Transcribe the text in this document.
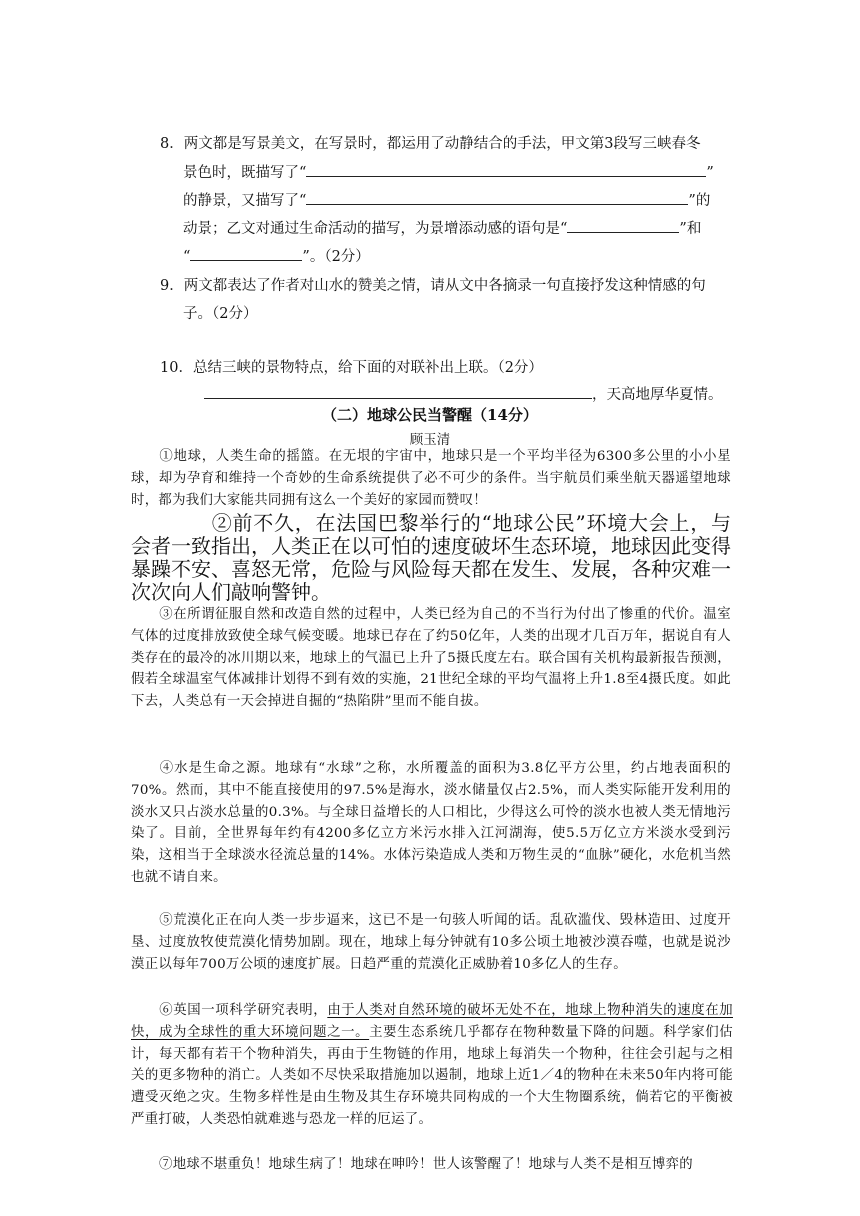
8．两文都是写景美文，在写景时，都运用了动静结合的手法，甲文第3段写三峡春冬
景色时，既描写了“	”
的静景，又描写了“	”的
动景；乙文对通过生命活动的描写，为景增添动感的语句是“	”和
“	”。（2分）
9．两文都表达了作者对山水的赞美之情，请从文中各摘录一句直接抒发这种情感的句
子。（2分）
10．总结三峡的景物特点，给下面的对联补出上联。（2分）
，天高地厚华夏情。
（二）地球公民当警醒（14分）
顾玉清
①地球，人类生命的摇篮。在无垠的宇宙中，地球只是一个平均半径为6300多公里的小小星球，却为孕育和维持一个奇妙的生命系统提供了必不可少的条件。当宇航员们乘坐航天器遥望地球时，都为我们大家能共同拥有这么一个美好的家园而赞叹！
②前不久，在法国巴黎举行的“地球公民”环境大会上，与会者一致指出，人类正在以可怕的速度破坏生态环境，地球因此变得暴躁不安、喜怒无常，危险与风险每天都在发生、发展，各种灾难一次次向人们敲响警钟。
③在所谓征服自然和改造自然的过程中，人类已经为自己的不当行为付出了惨重的代价。温室气体的过度排放致使全球气候变暖。地球已存在了约50亿年，人类的出现才几百万年，据说自有人类存在的最冷的冰川期以来，地球上的气温已上升了5摄氏度左右。联合国有关机构最新报告预测，假若全球温室气体减排计划得不到有效的实施，21世纪全球的平均气温将上升1.8至4摄氏度。如此下去，人类总有一天会掉进自掘的“热陷阱”里而不能自拔。
④水是生命之源。地球有“水球”之称，水所覆盖的面积为3.8亿平方公里，约占地表面积的70%。然而，其中不能直接使用的97.5%是海水，淡水储量仅占2.5%，而人类实际能开发利用的淡水又只占淡水总量的0.3%。与全球日益增长的人口相比，少得这么可怜的淡水也被人类无情地污染了。目前，全世界每年约有4200多亿立方米污水排入江河湖海，使5.5万亿立方米淡水受到污染，这相当于全球淡水径流总量的14%。水体污染造成人类和万物生灵的“血脉”硬化，水危机当然也就不请自来。
⑤荒漠化正在向人类一步步逼来，这已不是一句骇人听闻的话。乱砍滥伐、毁林造田、过度开垦、过度放牧使荒漠化情势加剧。现在，地球上每分钟就有10多公顷土地被沙漠吞噬，也就是说沙漠正以每年700万公顷的速度扩展。日趋严重的荒漠化正威胁着10多亿人的生存。
⑥英国一项科学研究表明，由于人类对自然环境的破坏无处不在，地球上物种消失的速度在加快，成为全球性的重大环境问题之一。主要生态系统几乎都存在物种数量下降的问题。科学家们估计，每天都有若干个物种消失，再由于生物链的作用，地球上每消失一个物种，往往会引起与之相关的更多物种的消亡。人类如不尽快采取措施加以遏制，地球上近1／4的物种在未来50年内将可能遭受灭绝之灾。生物多样性是由生物及其生存环境共同构成的一个大生物圈系统，倘若它的平衡被严重打破，人类恐怕就难逃与恐龙一样的厄运了。
⑦地球不堪重负！地球生病了！地球在呻吟！世人该警醒了！地球与人类不是相互博弈的
